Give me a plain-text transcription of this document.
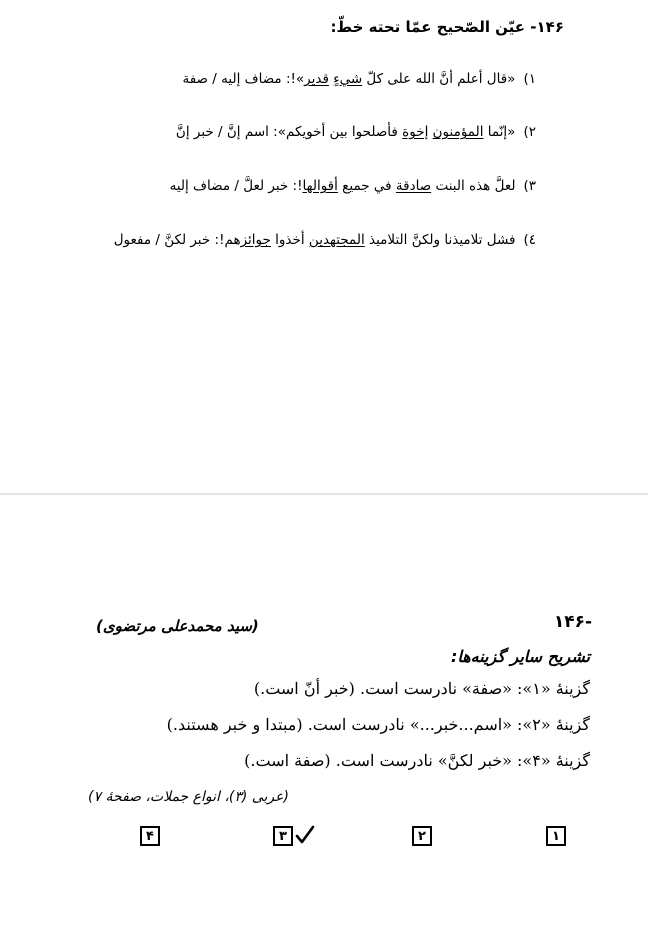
۱۴۶- عيّن الصّحيح عمّا تحته خطّ:
۱)«قال أعلم أنَّ الله على كلّ شيءٍ قدير»!: مضاف إليه / صفة
۲)«إنّما المؤمنون إخوة فأصلحوا بين أخويكم»: اسم إنَّ / خبر إنَّ
۳)لعلَّ هذه البنت صادقة في جميع أقوالها!: خبر لعلَّ / مضاف إليه
٤)فشل تلاميذنا ولكنَّ التلاميذ المجتهدين أخذوا جوائزهم!: خبر لكنَّ / مفعول
۱۴۶-
(سید محمدعلی مرتضوی)
تشریح سایر گزینه‌ها:
گزینهٔ «۱»: «صفة» نادرست است. (خبر أنّ است.)
گزینهٔ «۲»: «اسم...خبر...» نادرست است. (مبتدا و خبر هستند.)
گزینهٔ «۴»: «خبر لكنَّ» نادرست است. (صفة است.)
(عربی (۳)، انواع جملات، صفحهٔ ۷)
۱
۲
۳
۴
